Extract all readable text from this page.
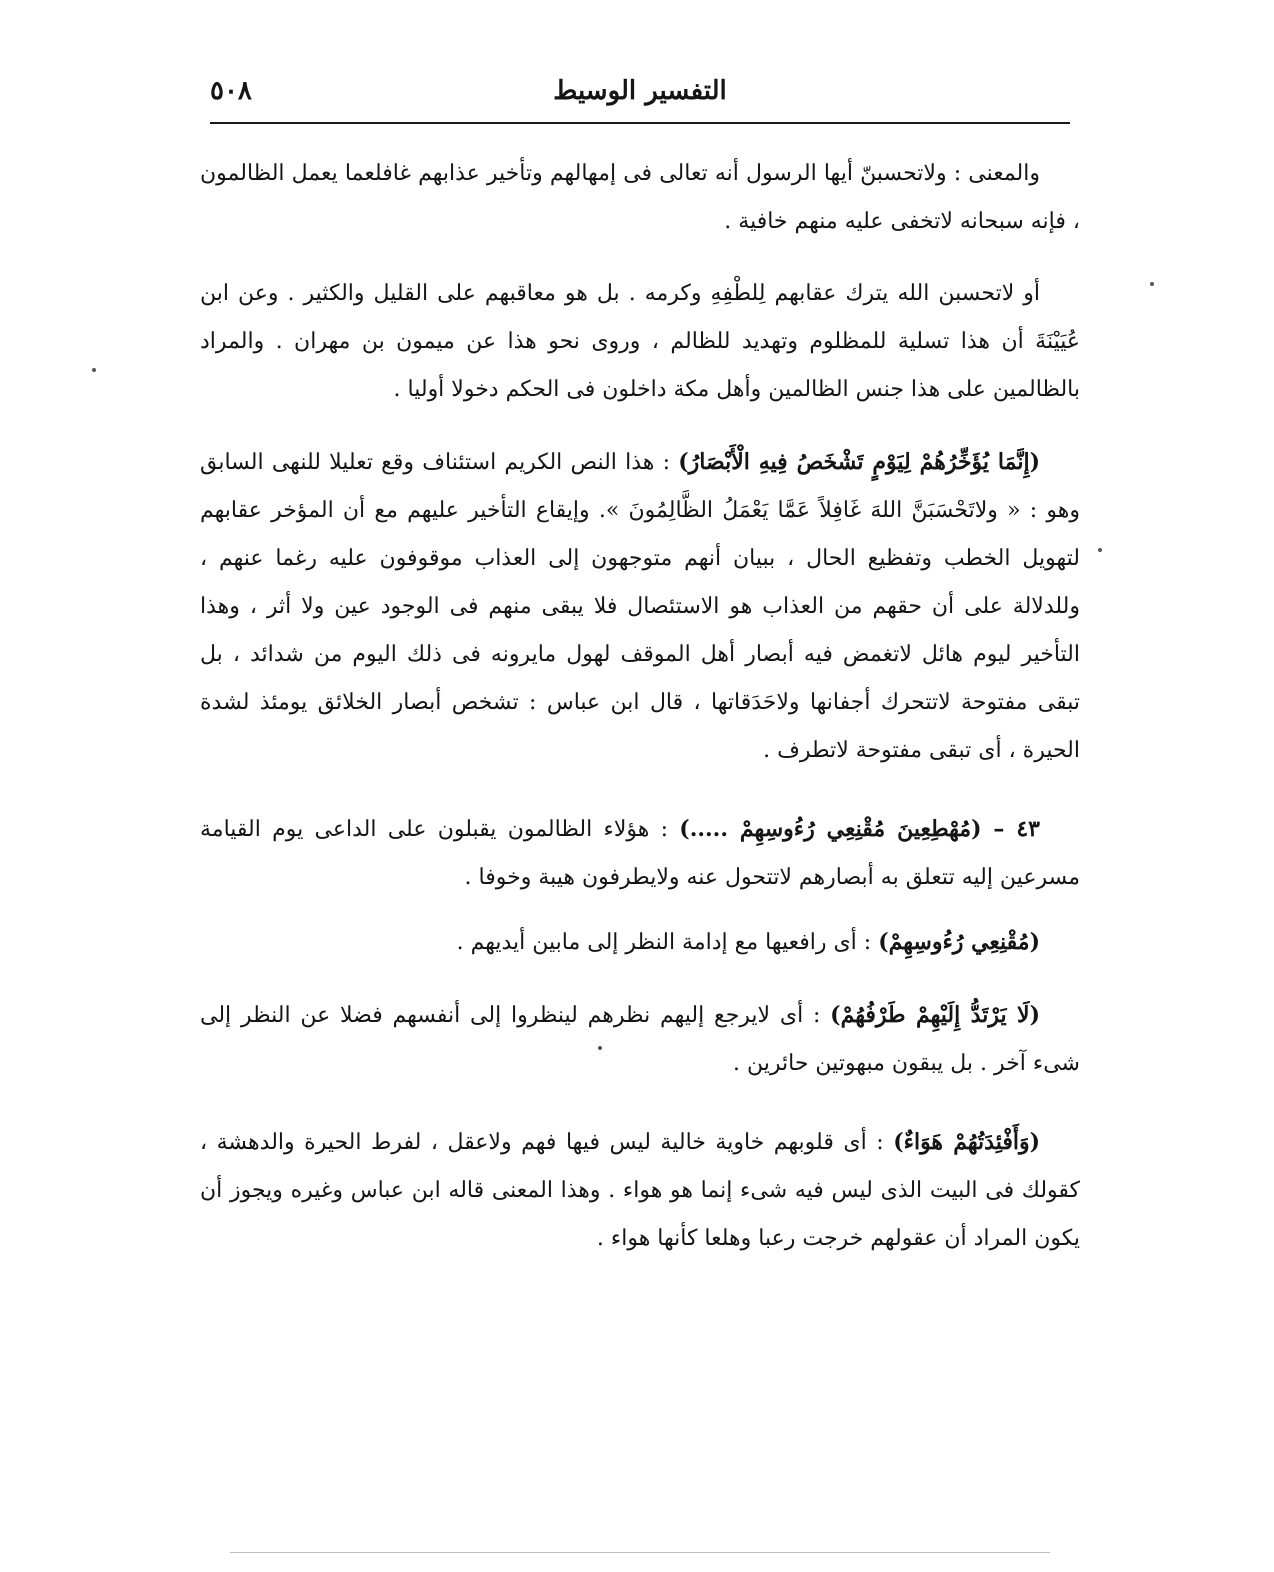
٥٠٨	التفسير الوسيط

والمعنى : ولاتحسبنّ أيها الرسول أنه تعالى فى إمهالهم وتأخير عذابهم غافلعما يعمل الظالمون ، فإنه سبحانه لاتخفى عليه منهم خافية .

أو لاتحسبن الله يترك عقابهم لِلطْفِهِ وكرمه . بل هو معاقبهم على القليل والكثير . وعن ابن عُيَيْنَةَ أن هذا تسلية للمظلوم وتهديد للظالم ، وروى نحو هذا عن ميمون بن مهران . والمراد بالظالمين على هذا جنس الظالمين وأهل مكة داخلون فى الحكم دخولا أوليا .

(إِنَّمَا يُؤَخِّرُهُمْ لِيَوْمٍ تَشْخَصُ فِيهِ الْأَبْصَارُ) : هذا النص الكريم استئناف وقع تعليلا للنهى السابق وهو : « ولاتَحْسَبَنَّ اللهَ غَافِلاً عَمَّا يَعْمَلُ الظَّالِمُونَ ». وإيقاع التأخير عليهم مع أن المؤخر عقابهم لتهويل الخطب وتفظيع الحال ، ببيان أنهم متوجهون إلى العذاب موقوفون عليه رغما عنهم ، وللدلالة على أن حقهم من العذاب هو الاستئصال فلا يبقى منهم فى الوجود عين ولا أثر ، وهذا التأخير ليوم هائل لاتغمض فيه أبصار أهل الموقف لهول مايرونه فى ذلك اليوم من شدائد ، بل تبقى مفتوحة لاتتحرك أجفانها ولاحَدَقاتها ، قال ابن عباس : تشخص أبصار الخلائق يومئذ لشدة الحيرة ، أى تبقى مفتوحة لاتطرف .

٤٣ – (مُهْطِعِينَ مُقْنِعِي رُءُوسِهِمْ .....) : هؤلاء الظالمون يقبلون على الداعى يوم القيامة مسرعين إليه تتعلق به أبصارهم لاتتحول عنه ولايطرفون هيبة وخوفا .

(مُقْنِعِي رُءُوسِهِمْ) : أى رافعيها مع إدامة النظر إلى مابين أيديهم .

(لَا يَرْتَدُّ إِلَيْهِمْ طَرْفُهُمْ) : أى لايرجع إليهم نظرهم لينظروا إلى أنفسهم فضلا عن النظر إلى شىء آخر . بل يبقون مبهوتين حائرين .

(وَأَفْئِدَتُهُمْ هَوَاءٌ) : أى قلوبهم خاوية خالية ليس فيها فهم ولاعقل ، لفرط الحيرة والدهشة ، كقولك فى البيت الذى ليس فيه شىء إنما هو هواء . وهذا المعنى قاله ابن عباس وغيره ويجوز أن يكون المراد أن عقولهم خرجت رعبا وهلعا كأنها هواء .
